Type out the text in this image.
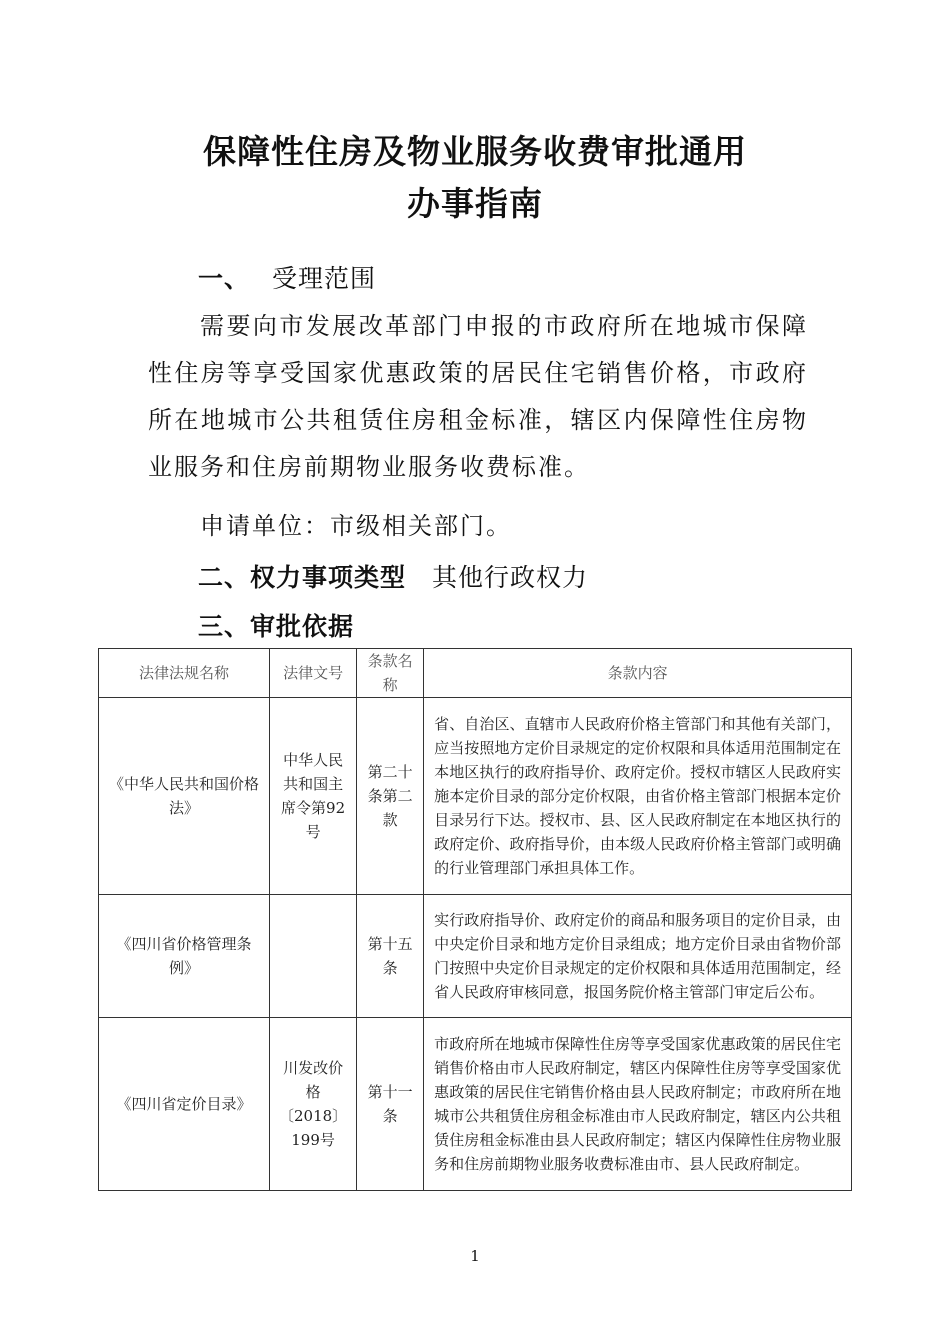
保障性住房及物业服务收费审批通用
办事指南
一、 受理范围
需要向市发展改革部门申报的市政府所在地城市保障性住房等享受国家优惠政策的居民住宅销售价格，市政府所在地城市公共租赁住房租金标准，辖区内保障性住房物业服务和住房前期物业服务收费标准。
申请单位：市级相关部门。
二、权力事项类型 其他行政权力
三、审批依据
法律法规名称	法律文号	条款名称	条款内容
《中华人民共和国价格法》	中华人民共和国主席令第92号	第二十条第二款	省、自治区、直辖市人民政府价格主管部门和其他有关部门，应当按照地方定价目录规定的定价权限和具体适用范围制定在本地区执行的政府指导价、政府定价。授权市辖区人民政府实施本定价目录的部分定价权限，由省价格主管部门根据本定价目录另行下达。授权市、县、区人民政府制定在本地区执行的政府定价、政府指导价，由本级人民政府价格主管部门或明确的行业管理部门承担具体工作。
《四川省价格管理条例》		第十五条	实行政府指导价、政府定价的商品和服务项目的定价目录，由中央定价目录和地方定价目录组成；地方定价目录由省物价部门按照中央定价目录规定的定价权限和具体适用范围制定，经省人民政府审核同意，报国务院价格主管部门审定后公布。
《四川省定价目录》	川发改价格〔2018〕199号	第十一条	市政府所在地城市保障性住房等享受国家优惠政策的居民住宅销售价格由市人民政府制定，辖区内保障性住房等享受国家优惠政策的居民住宅销售价格由县人民政府制定；市政府所在地城市公共租赁住房租金标准由市人民政府制定，辖区内公共租赁住房租金标准由县人民政府制定；辖区内保障性住房物业服务和住房前期物业服务收费标准由市、县人民政府制定。
1
